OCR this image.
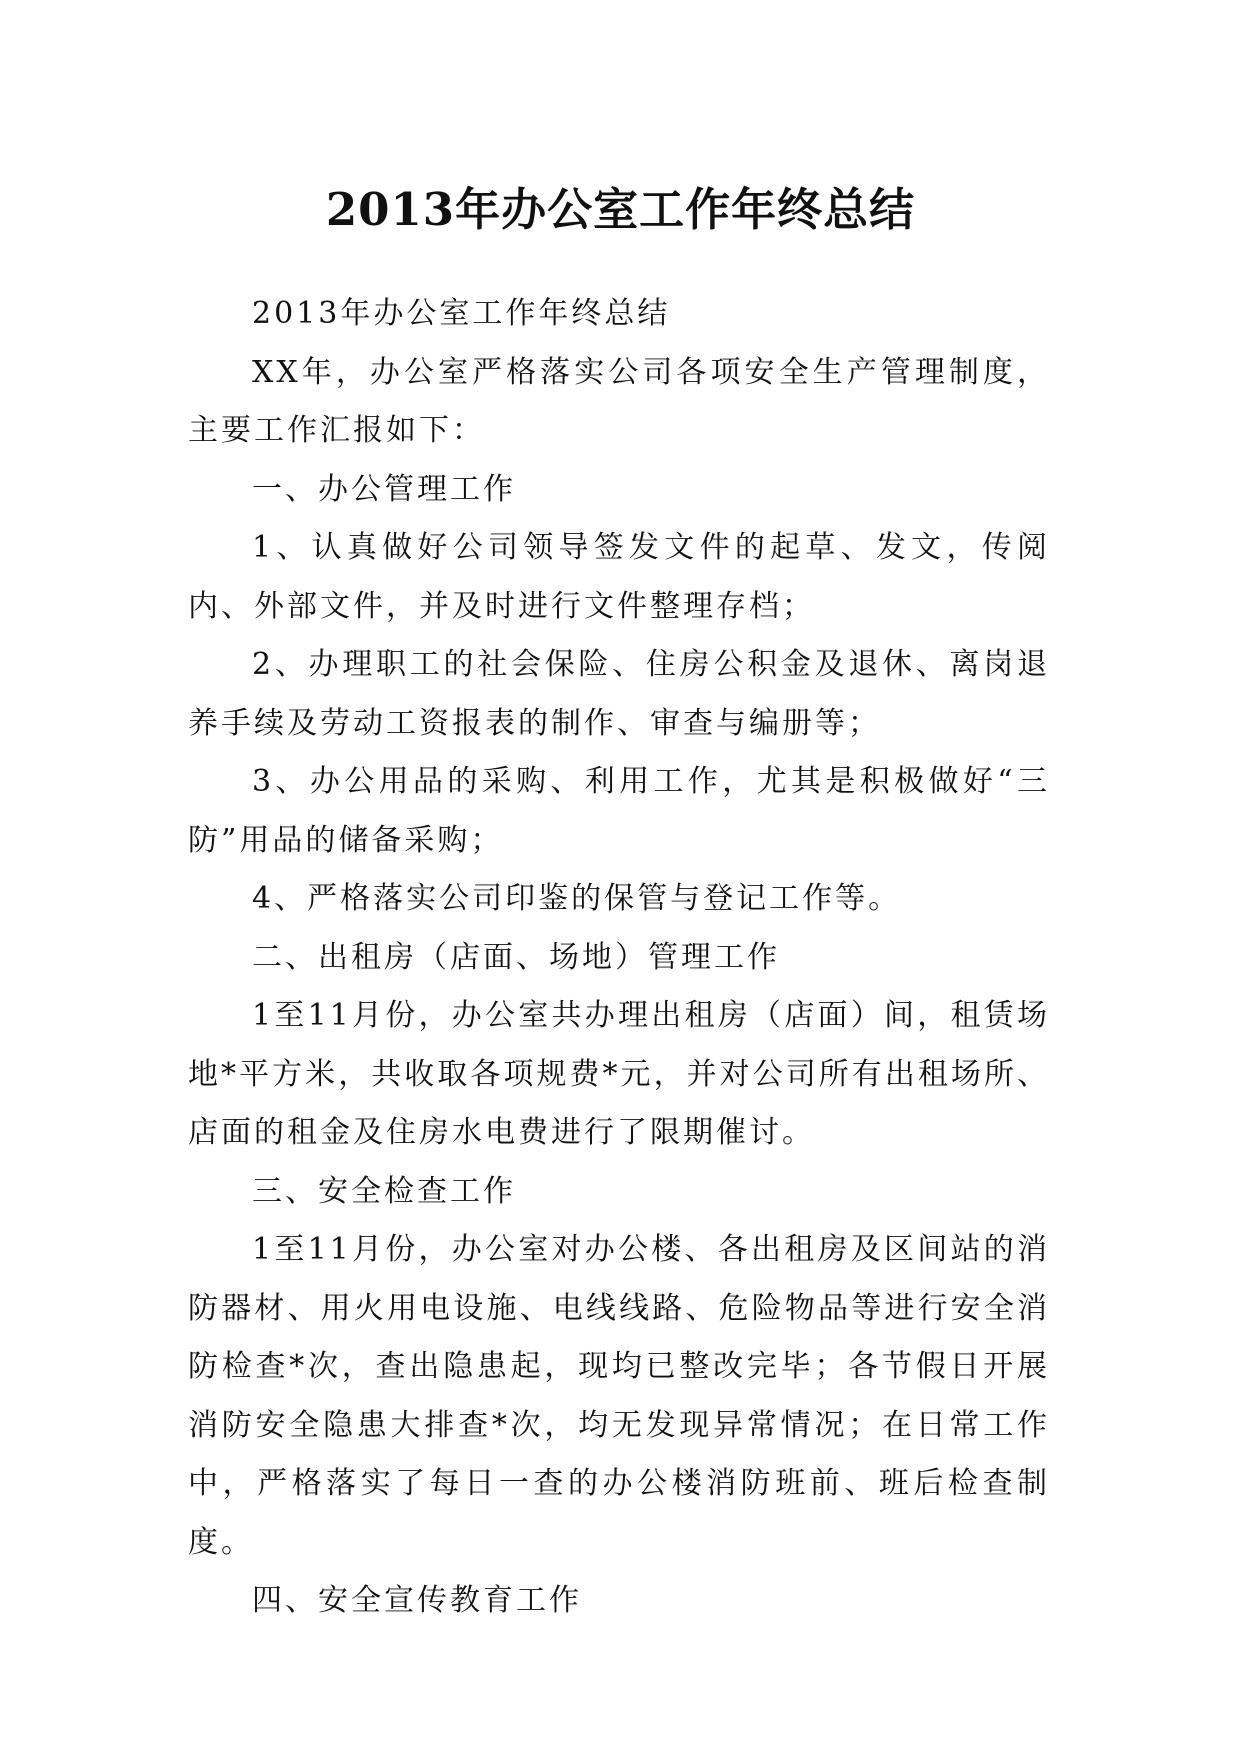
2013年办公室工作年终总结

2013年办公室工作年终总结

XX年，办公室严格落实公司各项安全生产管理制度，主要工作汇报如下：

一、办公管理工作

1、认真做好公司领导签发文件的起草、发文，传阅内、外部文件，并及时进行文件整理存档；

2、办理职工的社会保险、住房公积金及退休、离岗退养手续及劳动工资报表的制作、审查与编册等；

3、办公用品的采购、利用工作，尤其是积极做好“三防”用品的储备采购；

4、严格落实公司印鉴的保管与登记工作等。

二、出租房（店面、场地）管理工作

1至11月份，办公室共办理出租房（店面）间，租赁场地*平方米，共收取各项规费*元，并对公司所有出租场所、店面的租金及住房水电费进行了限期催讨。

三、安全检查工作

1至11月份，办公室对办公楼、各出租房及区间站的消防器材、用火用电设施、电线线路、危险物品等进行安全消防检查*次，查出隐患起，现均已整改完毕；各节假日开展消防安全隐患大排查*次，均无发现异常情况；在日常工作中，严格落实了每日一查的办公楼消防班前、班后检查制度。

四、安全宣传教育工作
